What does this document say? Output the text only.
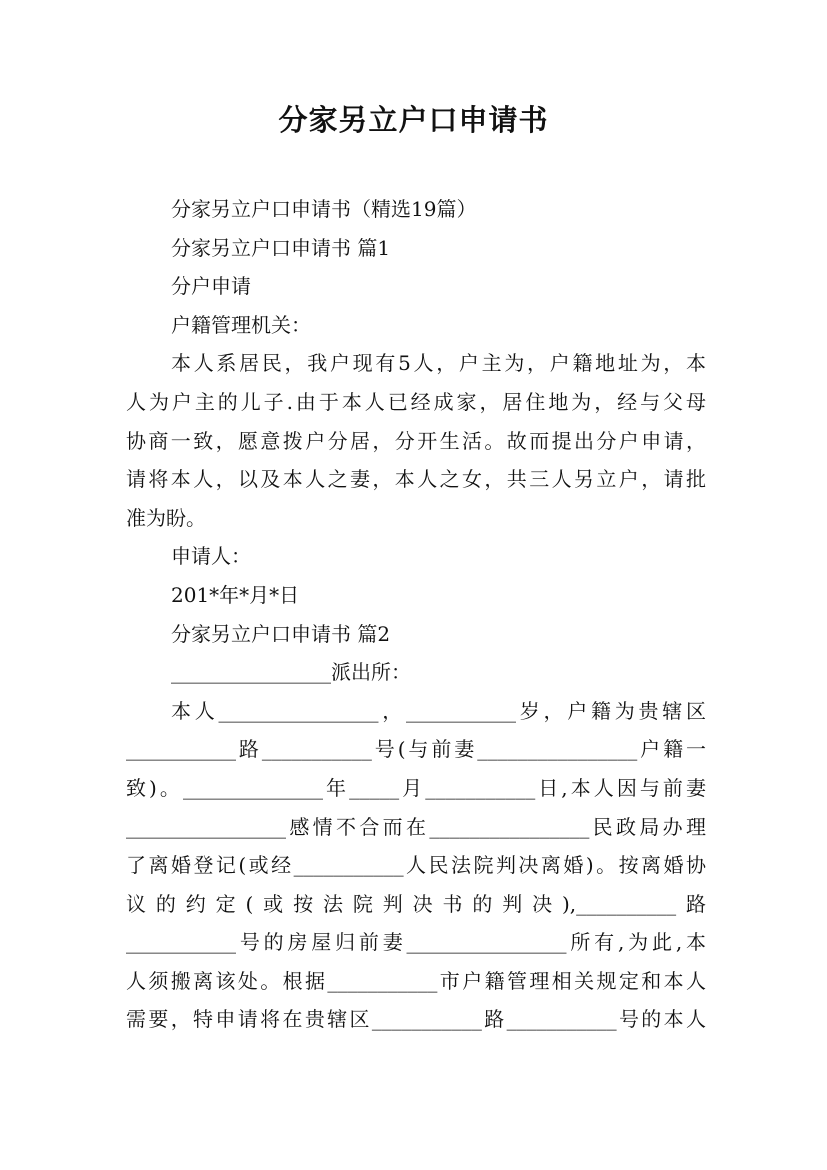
分家另立户口申请书

分家另立户口申请书（精选19篇）

分家另立户口申请书 篇1

分户申请

户籍管理机关：

本人系居民，我户现有5人，户主为，户籍地址为，本

人为户主的儿子.由于本人已经成家，居住地为，经与父母

协商一致，愿意拨户分居，分开生活。故而提出分户申请，

请将本人，以及本人之妻，本人之女，共三人另立户，请批

准为盼。

申请人：

201*年*月*日

分家另立户口申请书 篇2

________________派出所：

本人________________，___________岁，户籍为贵辖区

___________路___________号(与前妻________________户籍一

致)。______________年_____月___________日,本人因与前妻

________________感情不合而在________________民政局办理

了离婚登记(或经___________人民法院判决离婚)。按离婚协

议的约定(或按法院判决书的判决),__________路

___________号的房屋归前妻________________所有,为此,本

人须搬离该处。根据___________市户籍管理相关规定和本人

需要，特申请将在贵辖区___________路___________号的本人
